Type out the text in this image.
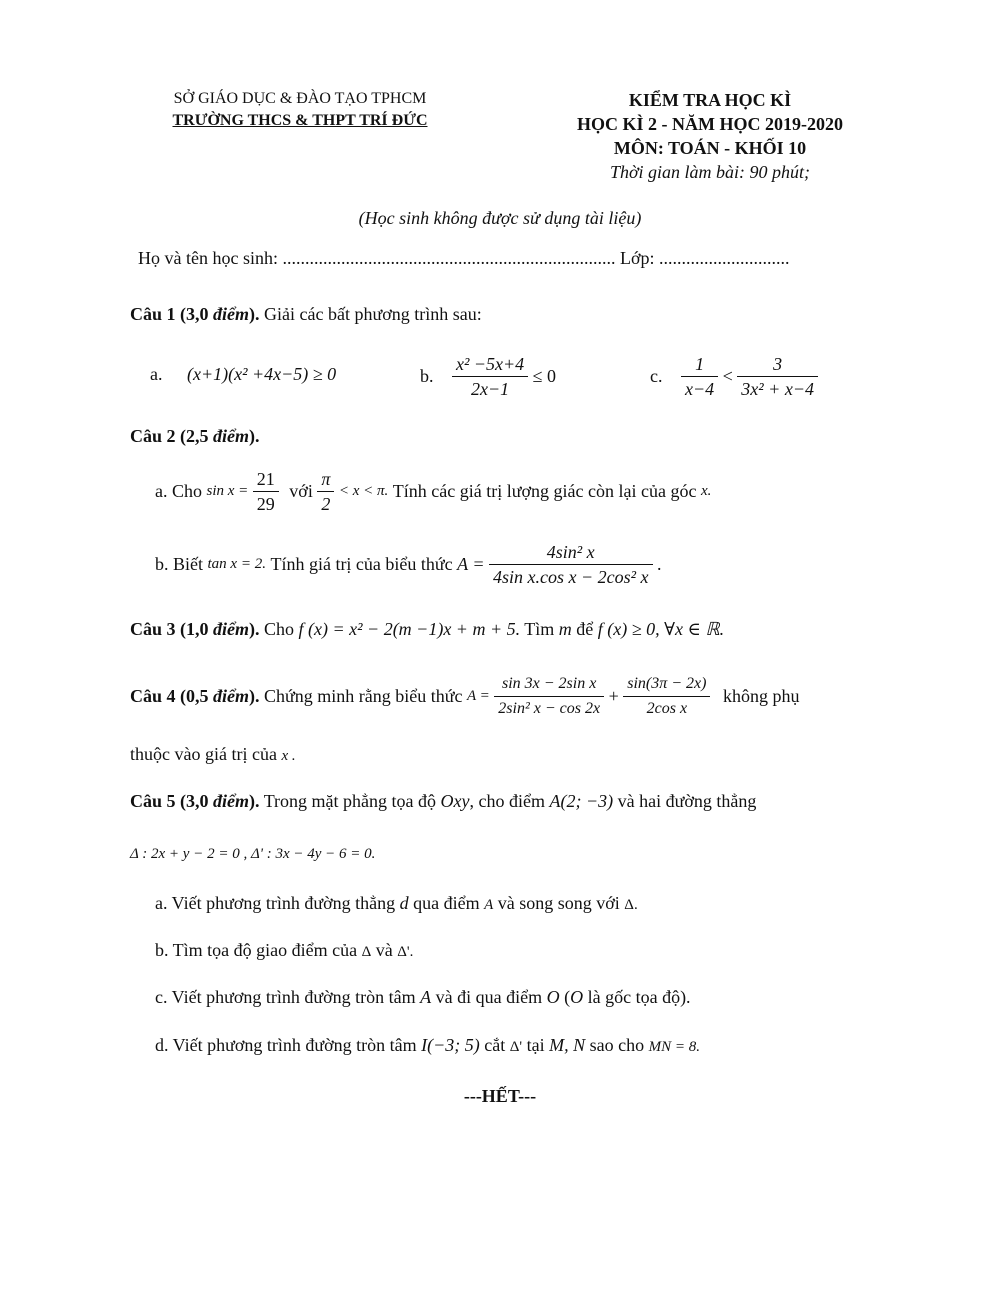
SỞ GIÁO DỤC & ĐÀO TẠO TPHCM
TRƯỜNG THCS & THPT TRÍ ĐỨC
KIỂM TRA HỌC KÌ
HỌC KÌ 2 - NĂM HỌC 2019-2020
MÔN: TOÁN - KHỐI 10
Thời gian làm bài: 90 phút;
(Học sinh không được sử dụng tài liệu)
Họ và tên học sinh: .......................................................................... Lớp: .............................
Câu 1 (3,0 điểm). Giải các bất phương trình sau:
a. (x+1)(x² +4x−5) ≥ 0	b. $\frac{\text{x² −5x+4}}{2x-1} \le 0$	c. $\frac{1}{x-4} < \frac{3}{\text{3x² + x−4}}$
Câu 2 (2,5 điểm).
a. Cho $\sin x = \frac{21}{29}$ với $\frac{\pi}{2} < x < \pi$. Tính các giá trị lượng giác còn lại của góc x.
b. Biết tan x = 2. Tính giá trị của biểu thức $A = \frac{\text{4sin² x}}{\text{4sin x.cos x − 2cos² x}}$ .
Câu 3 (1,0 điểm). Cho f (x) = x² − 2(m −1)x + m + 5. Tìm m để f (x) ≥ 0, ∀x ∈ ℝ.
Câu 4 (0,5 điểm). Chứng minh rằng biểu thức $A = \frac{\text{sin 3x − 2sin x}}{\text{2sin² x − cos 2x}} + \frac{\sin(3\pi - 2x)}{\text{2cos x}}$ không phụ
thuộc vào giá trị của x .
Câu 5 (3,0 điểm). Trong mặt phẳng tọa độ Oxy, cho điểm A(2; −3) và hai đường thẳng
Δ : 2x + y − 2 = 0 , Δ' : 3x − 4y − 6 = 0.
a. Viết phương trình đường thẳng d qua điểm A và song song với Δ.
b. Tìm tọa độ giao điểm của Δ và Δ'.
c. Viết phương trình đường tròn tâm A và đi qua điểm O (O là gốc tọa độ).
d. Viết phương trình đường tròn tâm I(−3; 5) cắt Δ' tại M, N sao cho MN = 8.
---HẾT---
